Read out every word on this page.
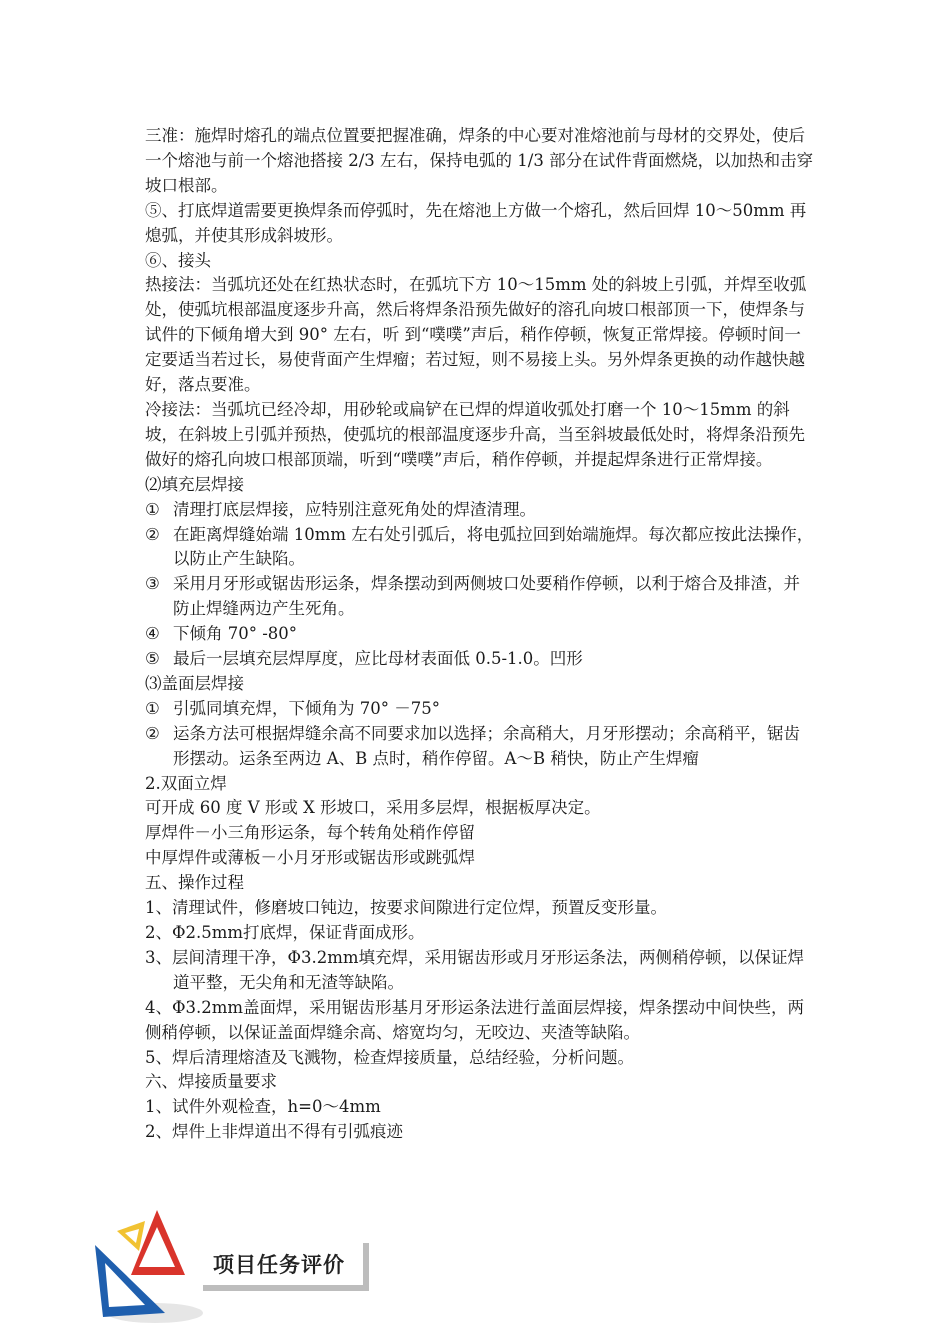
三准：施焊时熔孔的端点位置要把握准确，焊条的中心要对准熔池前与母材的交界处，使后一个熔池与前一个熔池搭接 2/3 左右，保持电弧的 1/3 部分在试件背面燃烧，以加热和击穿坡口根部。
⑤、打底焊道需要更换焊条而停弧时，先在熔池上方做一个熔孔，然后回焊 10～50mm 再熄弧，并使其形成斜坡形。
⑥、接头
热接法：当弧坑还处在红热状态时，在弧坑下方 10～15mm 处的斜坡上引弧，并焊至收弧处，使弧坑根部温度逐步升高，然后将焊条沿预先做好的溶孔向坡口根部顶一下，使焊条与试件的下倾角增大到 90° 左右，听 到“噗噗”声后，稍作停顿，恢复正常焊接。停顿时间一定要适当若过长，易使背面产生焊瘤；若过短，则不易接上头。另外焊条更换的动作越快越好，落点要准。
冷接法：当弧坑已经冷却，用砂轮或扁铲在已焊的焊道收弧处打磨一个 10～15mm 的斜坡，在斜坡上引弧并预热，使弧坑的根部温度逐步升高，当至斜坡最低处时，将焊条沿预先做好的熔孔向坡口根部顶端，听到“噗噗”声后，稍作停顿，并提起焊条进行正常焊接。
⑵填充层焊接
① 清理打底层焊接，应特别注意死角处的焊渣清理。
② 在距离焊缝始端 10mm 左右处引弧后，将电弧拉回到始端施焊。每次都应按此法操作，以防止产生缺陷。
③ 采用月牙形或锯齿形运条，焊条摆动到两侧坡口处要稍作停顿，以利于熔合及排渣，并防止焊缝两边产生死角。
④ 下倾角 70° -80°
⑤ 最后一层填充层焊厚度，应比母材表面低 0.5-1.0。凹形
⑶盖面层焊接
① 引弧同填充焊，下倾角为 70° －75°
② 运条方法可根据焊缝余高不同要求加以选择；余高稍大，月牙形摆动；余高稍平，锯齿形摆动。运条至两边 A、B 点时，稍作停留。A～B 稍快，防止产生焊瘤
2.双面立焊
可开成 60 度 V 形或 X 形坡口，采用多层焊，根据板厚决定。
厚焊件－小三角形运条，每个转角处稍作停留
中厚焊件或薄板－小月牙形或锯齿形或跳弧焊
五、操作过程
1、清理试件，修磨坡口钝边，按要求间隙进行定位焊，预置反变形量。
2、Φ2.5mm打底焊，保证背面成形。
3、层间清理干净，Φ3.2mm填充焊，采用锯齿形或月牙形运条法，两侧稍停顿，以保证焊道平整，无尖角和无渣等缺陷。
4、Φ3.2mm盖面焊，采用锯齿形基月牙形运条法进行盖面层焊接，焊条摆动中间快些，两侧稍停顿，以保证盖面焊缝余高、熔宽均匀，无咬边、夹渣等缺陷。
5、焊后清理熔渣及飞溅物，检查焊接质量，总结经验，分析问题。
六、焊接质量要求
1、试件外观检查，h=0～4mm
2、焊件上非焊道出不得有引弧痕迹
项目任务评价
